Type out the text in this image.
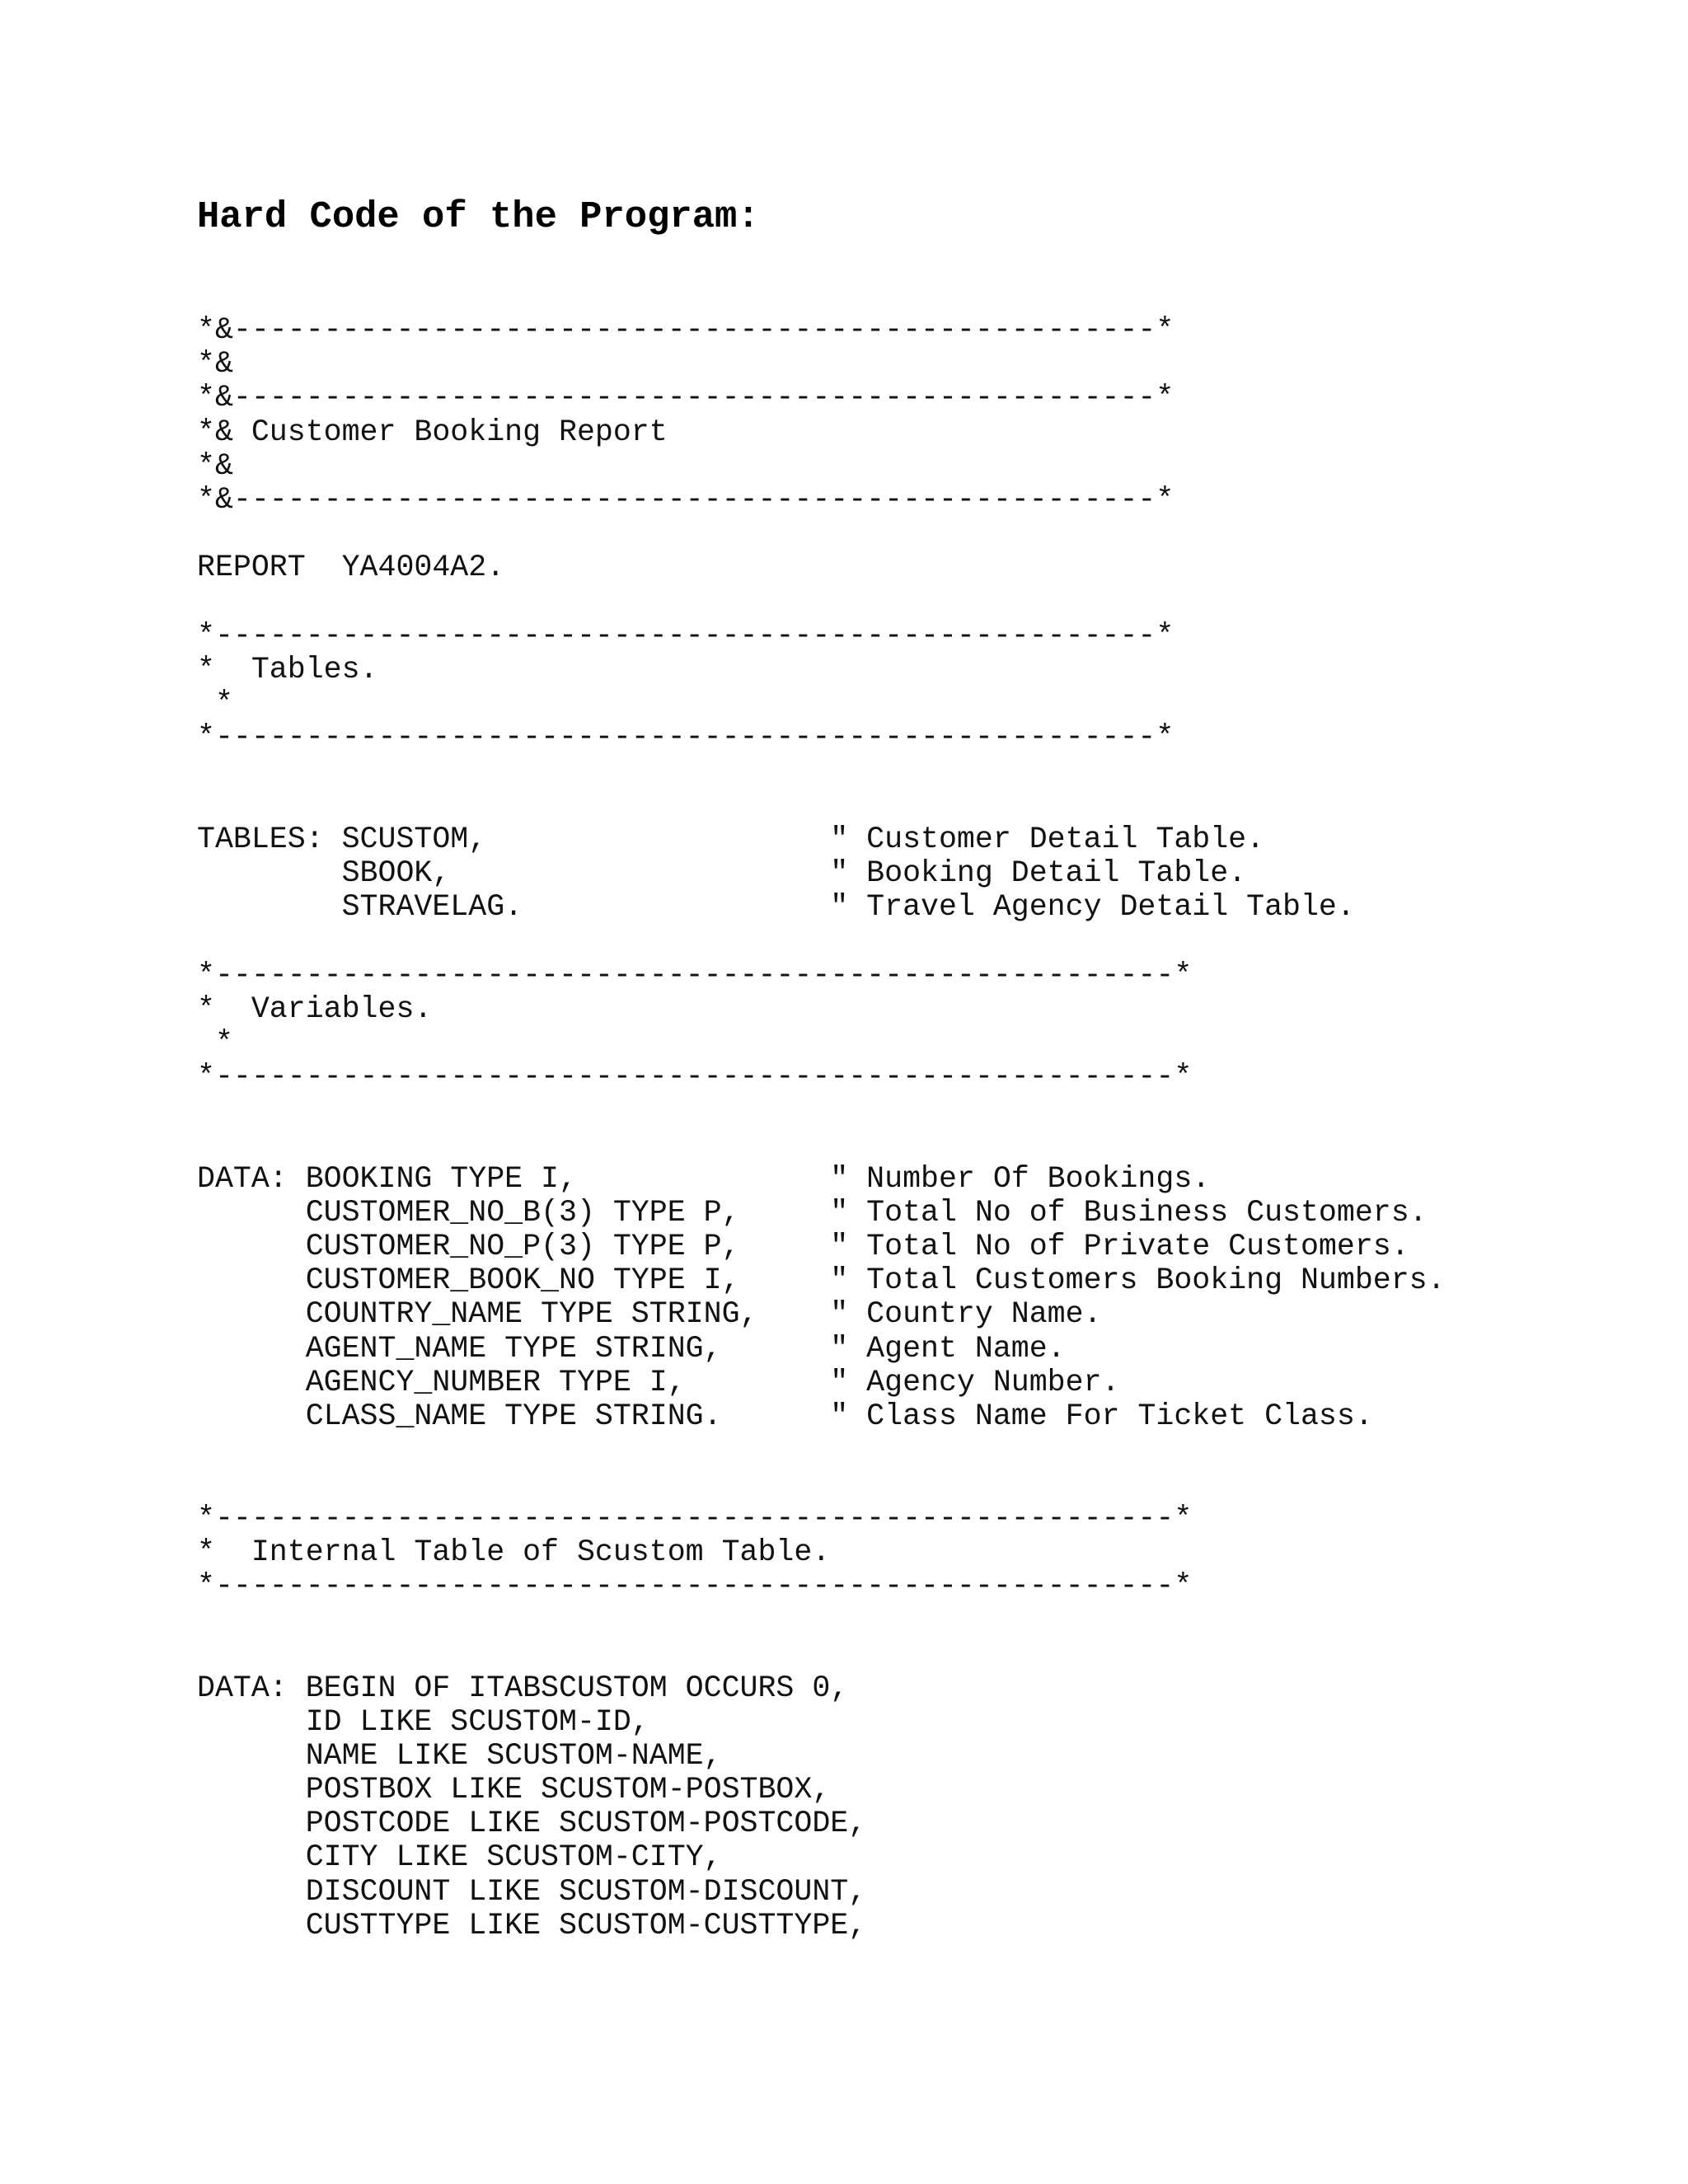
Hard Code of the Program:
*&---------------------------------------------------*
*&
*&---------------------------------------------------*
*& Customer Booking Report
*&
*&---------------------------------------------------*
REPORT  YA4004A2.
*----------------------------------------------------*
*  Tables.
*
*----------------------------------------------------*
TABLES: SCUSTOM,                   " Customer Detail Table.
SBOOK,                     " Booking Detail Table.
STRAVELAG.                 " Travel Agency Detail Table.
*-----------------------------------------------------*
*  Variables.
*
*-----------------------------------------------------*
DATA: BOOKING TYPE I,              " Number Of Bookings.
CUSTOMER_NO_B(3) TYPE P,     " Total No of Business Customers.
CUSTOMER_NO_P(3) TYPE P,     " Total No of Private Customers.
CUSTOMER_BOOK_NO TYPE I,     " Total Customers Booking Numbers.
COUNTRY_NAME TYPE STRING,    " Country Name.
AGENT_NAME TYPE STRING,      " Agent Name.
AGENCY_NUMBER TYPE I,        " Agency Number.
CLASS_NAME TYPE STRING.      " Class Name For Ticket Class.
*-----------------------------------------------------*
*  Internal Table of Scustom Table.
*-----------------------------------------------------*
DATA: BEGIN OF ITABSCUSTOM OCCURS 0,
ID LIKE SCUSTOM-ID,
NAME LIKE SCUSTOM-NAME,
POSTBOX LIKE SCUSTOM-POSTBOX,
POSTCODE LIKE SCUSTOM-POSTCODE,
CITY LIKE SCUSTOM-CITY,
DISCOUNT LIKE SCUSTOM-DISCOUNT,
CUSTTYPE LIKE SCUSTOM-CUSTTYPE,
